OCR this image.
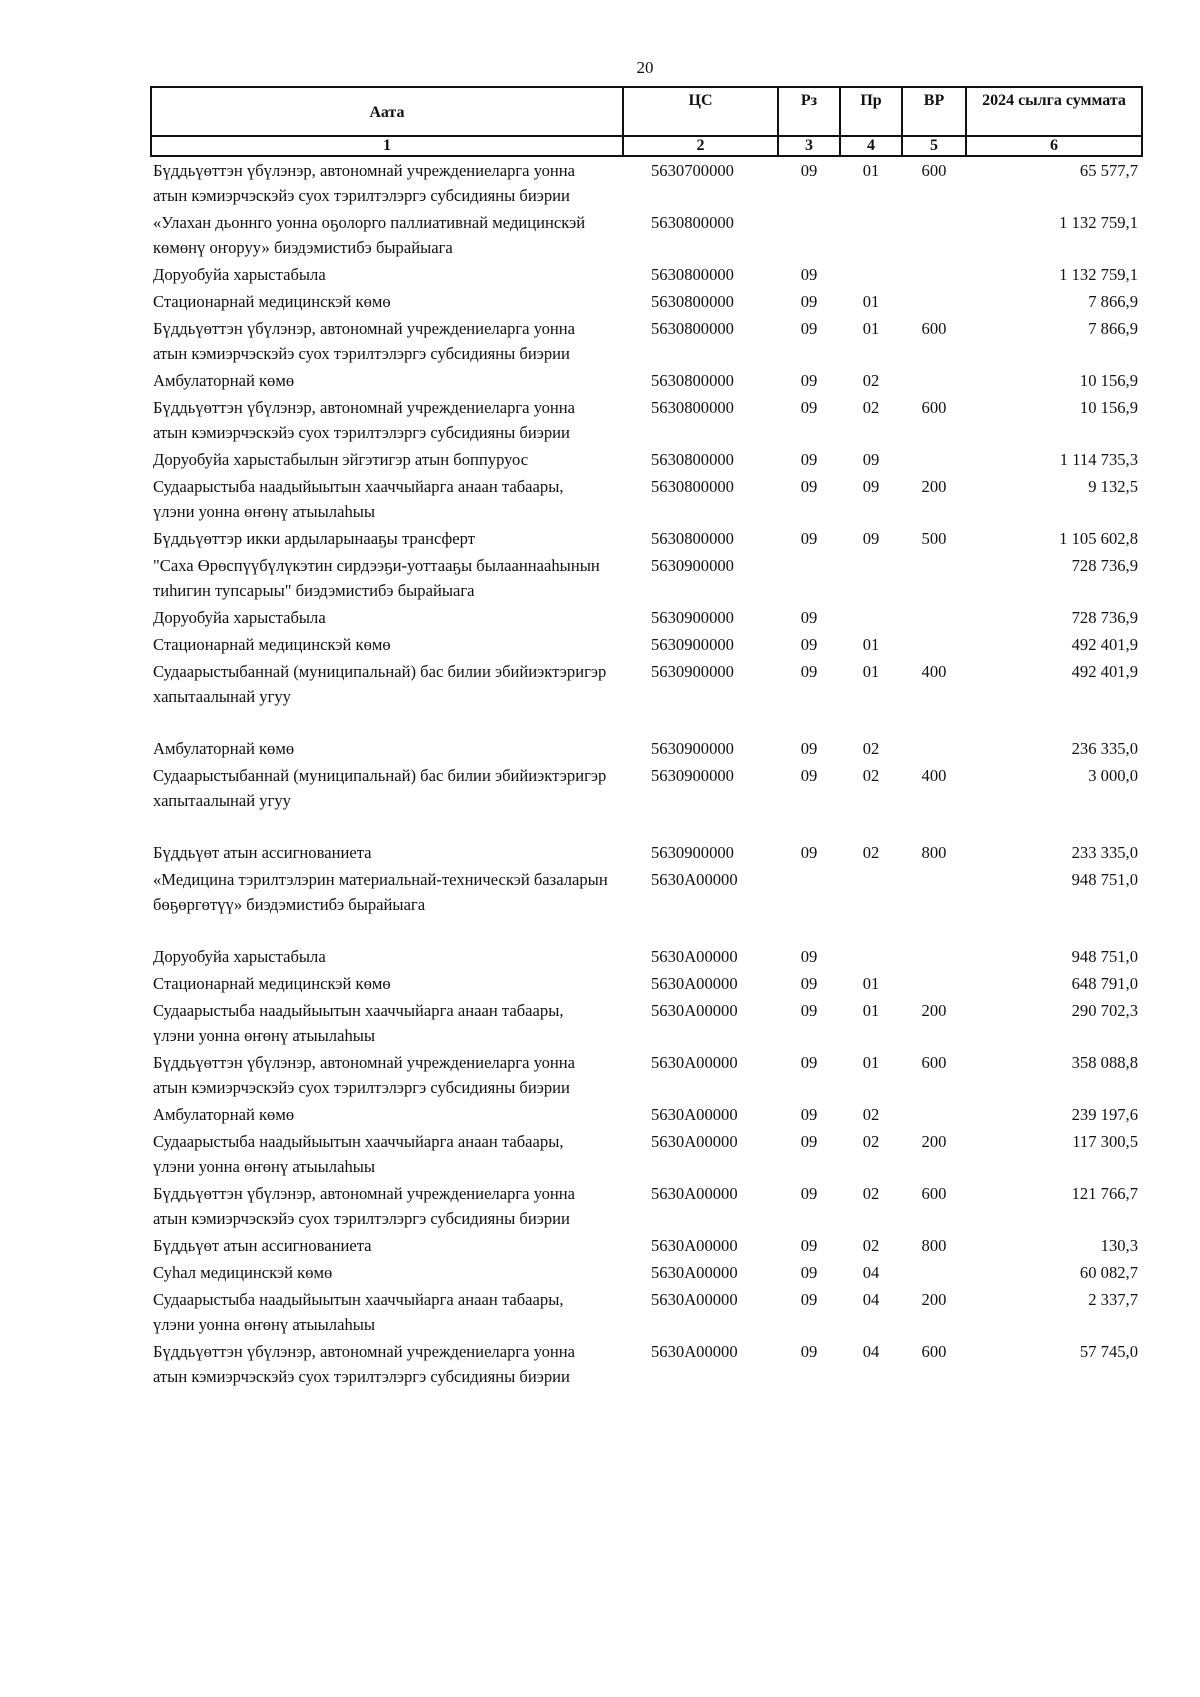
20
Аата	ЦС	Рз	Пр	ВР	2024 сылга суммата
1	2	3	4	5	6
Бүддьүөттэн үбүлэнэр, автономнай учреждениеларга уонна атын кэмиэрчэскэйэ суох тэрилтэлэргэ субсидияны биэрии	5630700000	09	01	600	65 577,7
«Улахан дьоннго уонна оҕолорго паллиативнай медицинскэй көмөнү оҥоруу» биэдэмистибэ бырайыага	5630800000				1 132 759,1
Доруобуйа харыстабыла	5630800000	09			1 132 759,1
Стационарнай медицинскэй көмө	5630800000	09	01		7 866,9
Бүддьүөттэн үбүлэнэр, автономнай учреждениеларга уонна атын кэмиэрчэскэйэ суох тэрилтэлэргэ субсидияны биэрии	5630800000	09	01	600	7 866,9
Амбулаторнай көмө	5630800000	09	02		10 156,9
Бүддьүөттэн үбүлэнэр, автономнай учреждениеларга уонна атын кэмиэрчэскэйэ суох тэрилтэлэргэ субсидияны биэрии	5630800000	09	02	600	10 156,9
Доруобуйа харыстабылын эйгэтигэр атын боппуруос	5630800000	09	09		1 114 735,3
Судаарыстыба наадыйыытын хааччыйарга анаан табаары, үлэни уонна өҥөнү атыылаһыы	5630800000	09	09	200	9 132,5
Бүддьүөттэр икки ардыларынааҕы трансферт	5630800000	09	09	500	1 105 602,8
"Саха Өрөспүүбүлүкэтин сирдээҕи-уоттааҕы былааннааһынын тиһигин тупсарыы" биэдэмистибэ бырайыага	5630900000				728 736,9
Доруобуйа харыстабыла	5630900000	09			728 736,9
Стационарнай медицинскэй көмө	5630900000	09	01		492 401,9
Судаарыстыбаннай (муниципальнай) бас билии эбийиэктэригэр хапытаалынай угуу	5630900000	09	01	400	492 401,9
Амбулаторнай көмө	5630900000	09	02		236 335,0
Судаарыстыбаннай (муниципальнай) бас билии эбийиэктэригэр хапытаалынай угуу	5630900000	09	02	400	3 000,0
Бүддьүөт атын ассигнованиета	5630900000	09	02	800	233 335,0
«Медицина тэрилтэлэрин материальнай-техническэй базаларын бөҕөргөтүү» биэдэмистибэ бырайыага	5630А00000				948 751,0
Доруобуйа харыстабыла	5630А00000	09			948 751,0
Стационарнай медицинскэй көмө	5630А00000	09	01		648 791,0
Судаарыстыба наадыйыытын хааччыйарга анаан табаары, үлэни уонна өҥөнү атыылаһыы	5630А00000	09	01	200	290 702,3
Бүддьүөттэн үбүлэнэр, автономнай учреждениеларга уонна атын кэмиэрчэскэйэ суох тэрилтэлэргэ субсидияны биэрии	5630А00000	09	01	600	358 088,8
Амбулаторнай көмө	5630А00000	09	02		239 197,6
Судаарыстыба наадыйыытын хааччыйарга анаан табаары, үлэни уонна өҥөнү атыылаһыы	5630А00000	09	02	200	117 300,5
Бүддьүөттэн үбүлэнэр, автономнай учреждениеларга уонна атын кэмиэрчэскэйэ суох тэрилтэлэргэ субсидияны биэрии	5630А00000	09	02	600	121 766,7
Бүддьүөт атын ассигнованиета	5630А00000	09	02	800	130,3
Суһал медицинскэй көмө	5630А00000	09	04		60 082,7
Судаарыстыба наадыйыытын хааччыйарга анаан табаары, үлэни уонна өҥөнү атыылаһыы	5630А00000	09	04	200	2 337,7
Бүддьүөттэн үбүлэнэр, автономнай учреждениеларга уонна атын кэмиэрчэскэйэ суох тэрилтэлэргэ субсидияны биэрии	5630А00000	09	04	600	57 745,0
